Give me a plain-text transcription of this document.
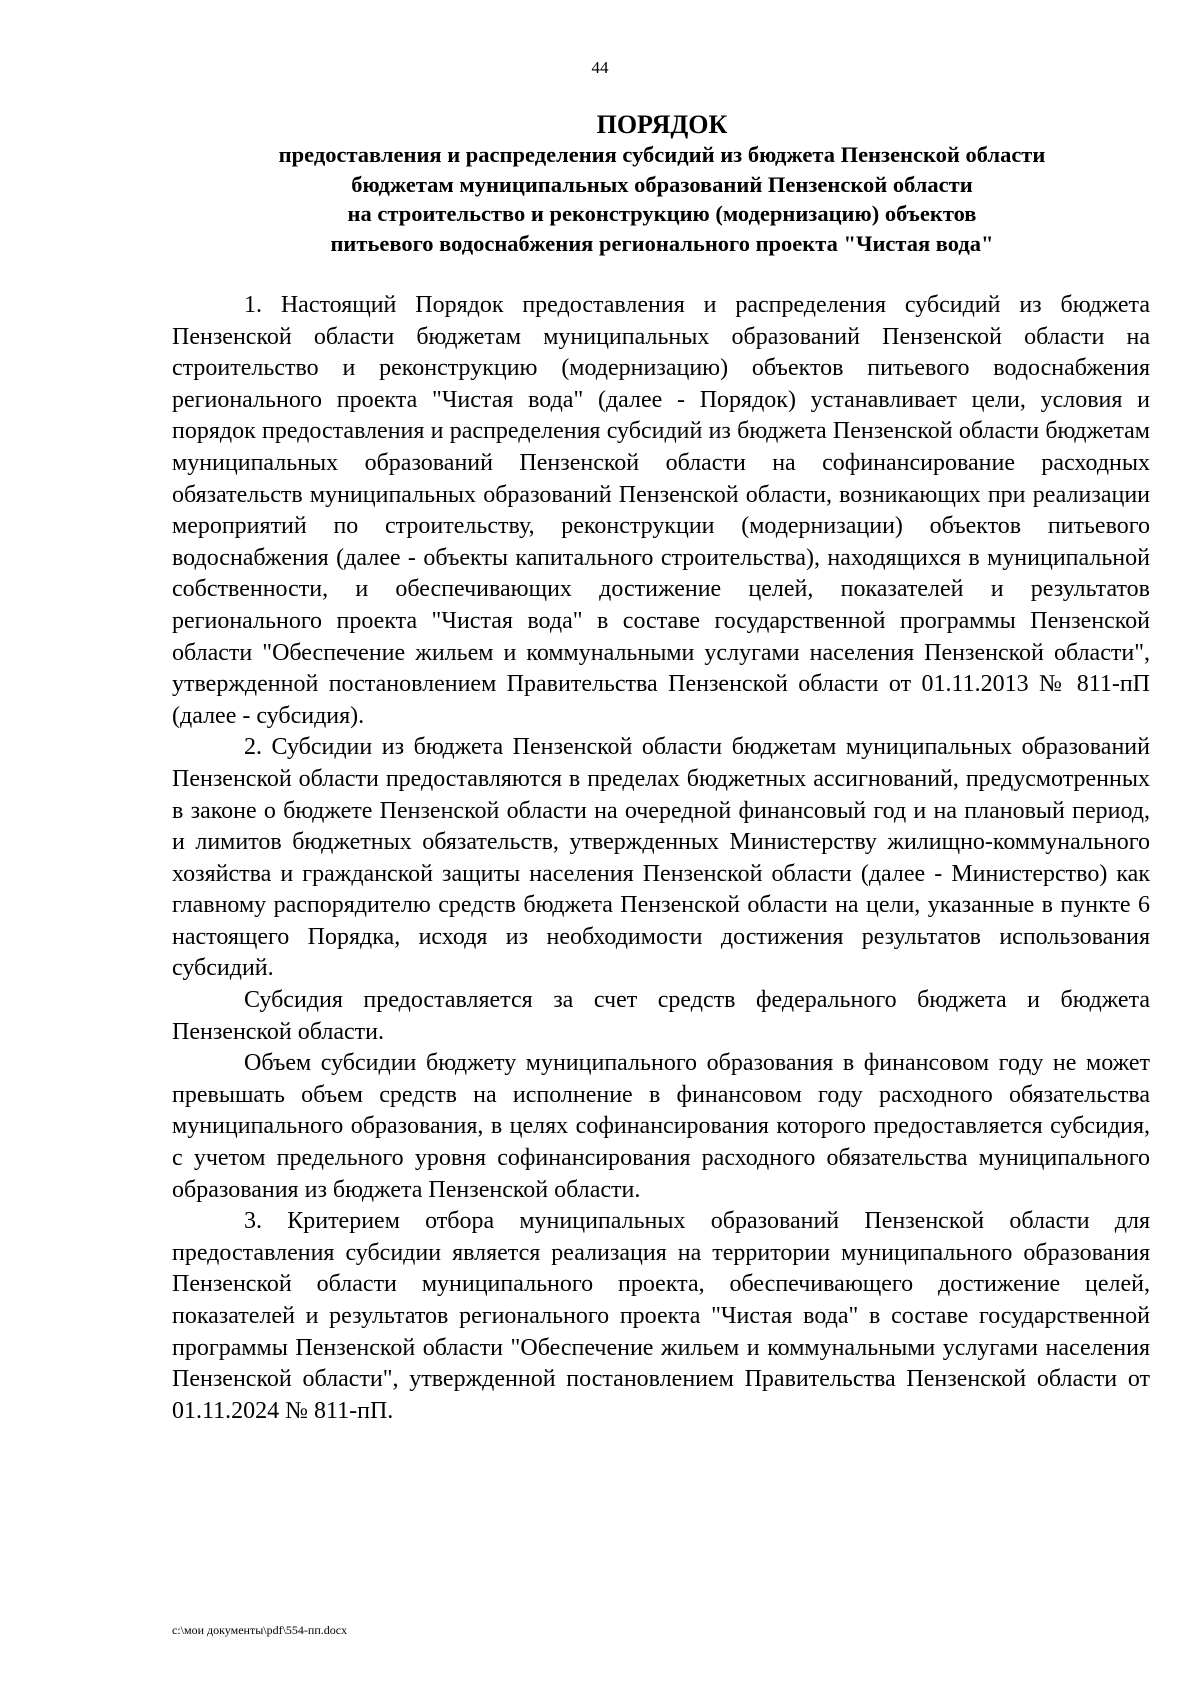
44
ПОРЯДОК
предоставления и распределения субсидий из бюджета Пензенской области
бюджетам муниципальных образований Пензенской области
на строительство и реконструкцию (модернизацию) объектов
питьевого водоснабжения регионального проекта "Чистая вода"

1. Настоящий Порядок предоставления и распределения субсидий из бюджета Пензенской области бюджетам муниципальных образований Пензенской области на строительство и реконструкцию (модернизацию) объектов питьевого водоснабжения регионального проекта "Чистая вода" (далее - Порядок) устанавливает цели, условия и порядок предоставления и распределения субсидий из бюджета Пензенской области бюджетам муниципальных образований Пензенской области на софинансирование расходных обязательств муниципальных образований Пензенской области, возникающих при реализации мероприятий по строительству, реконструкции (модернизации) объектов питьевого водоснабжения (далее - объекты капитального строительства), находящихся в муниципальной собственности, и обеспечивающих достижение целей, показателей и результатов регионального проекта "Чистая вода" в составе государственной программы Пензенской области "Обеспечение жильем и коммунальными услугами населения Пензенской области", утвержденной постановлением Правительства Пензенской области от 01.11.2013 № 811-пП (далее - субсидия).

2. Субсидии из бюджета Пензенской области бюджетам муниципальных образований Пензенской области предоставляются в пределах бюджетных ассигнований, предусмотренных в законе о бюджете Пензенской области на очередной финансовый год и на плановый период, и лимитов бюджетных обязательств, утвержденных Министерству жилищно-коммунального хозяйства и гражданской защиты населения Пензенской области (далее - Министерство) как главному распорядителю средств бюджета Пензенской области на цели, указанные в пункте 6 настоящего Порядка, исходя из необходимости достижения результатов использования субсидий.

Субсидия предоставляется за счет средств федерального бюджета и бюджета Пензенской области.

Объем субсидии бюджету муниципального образования в финансовом году не может превышать объем средств на исполнение в финансовом году расходного обязательства муниципального образования, в целях софинансирования которого предоставляется субсидия, с учетом предельного уровня софинансирования расходного обязательства муниципального образования из бюджета Пензенской области.

3. Критерием отбора муниципальных образований Пензенской области для предоставления субсидии является реализация на территории муниципального образования Пензенской области муниципального проекта, обеспечивающего достижение целей, показателей и результатов регионального проекта "Чистая вода" в составе государственной программы Пензенской области "Обеспечение жильем и коммунальными услугами населения Пензенской области", утвержденной постановлением Правительства Пензенской области от 01.11.2024 № 811-пП.

c:\мои документы\pdf\554-пп.docx
